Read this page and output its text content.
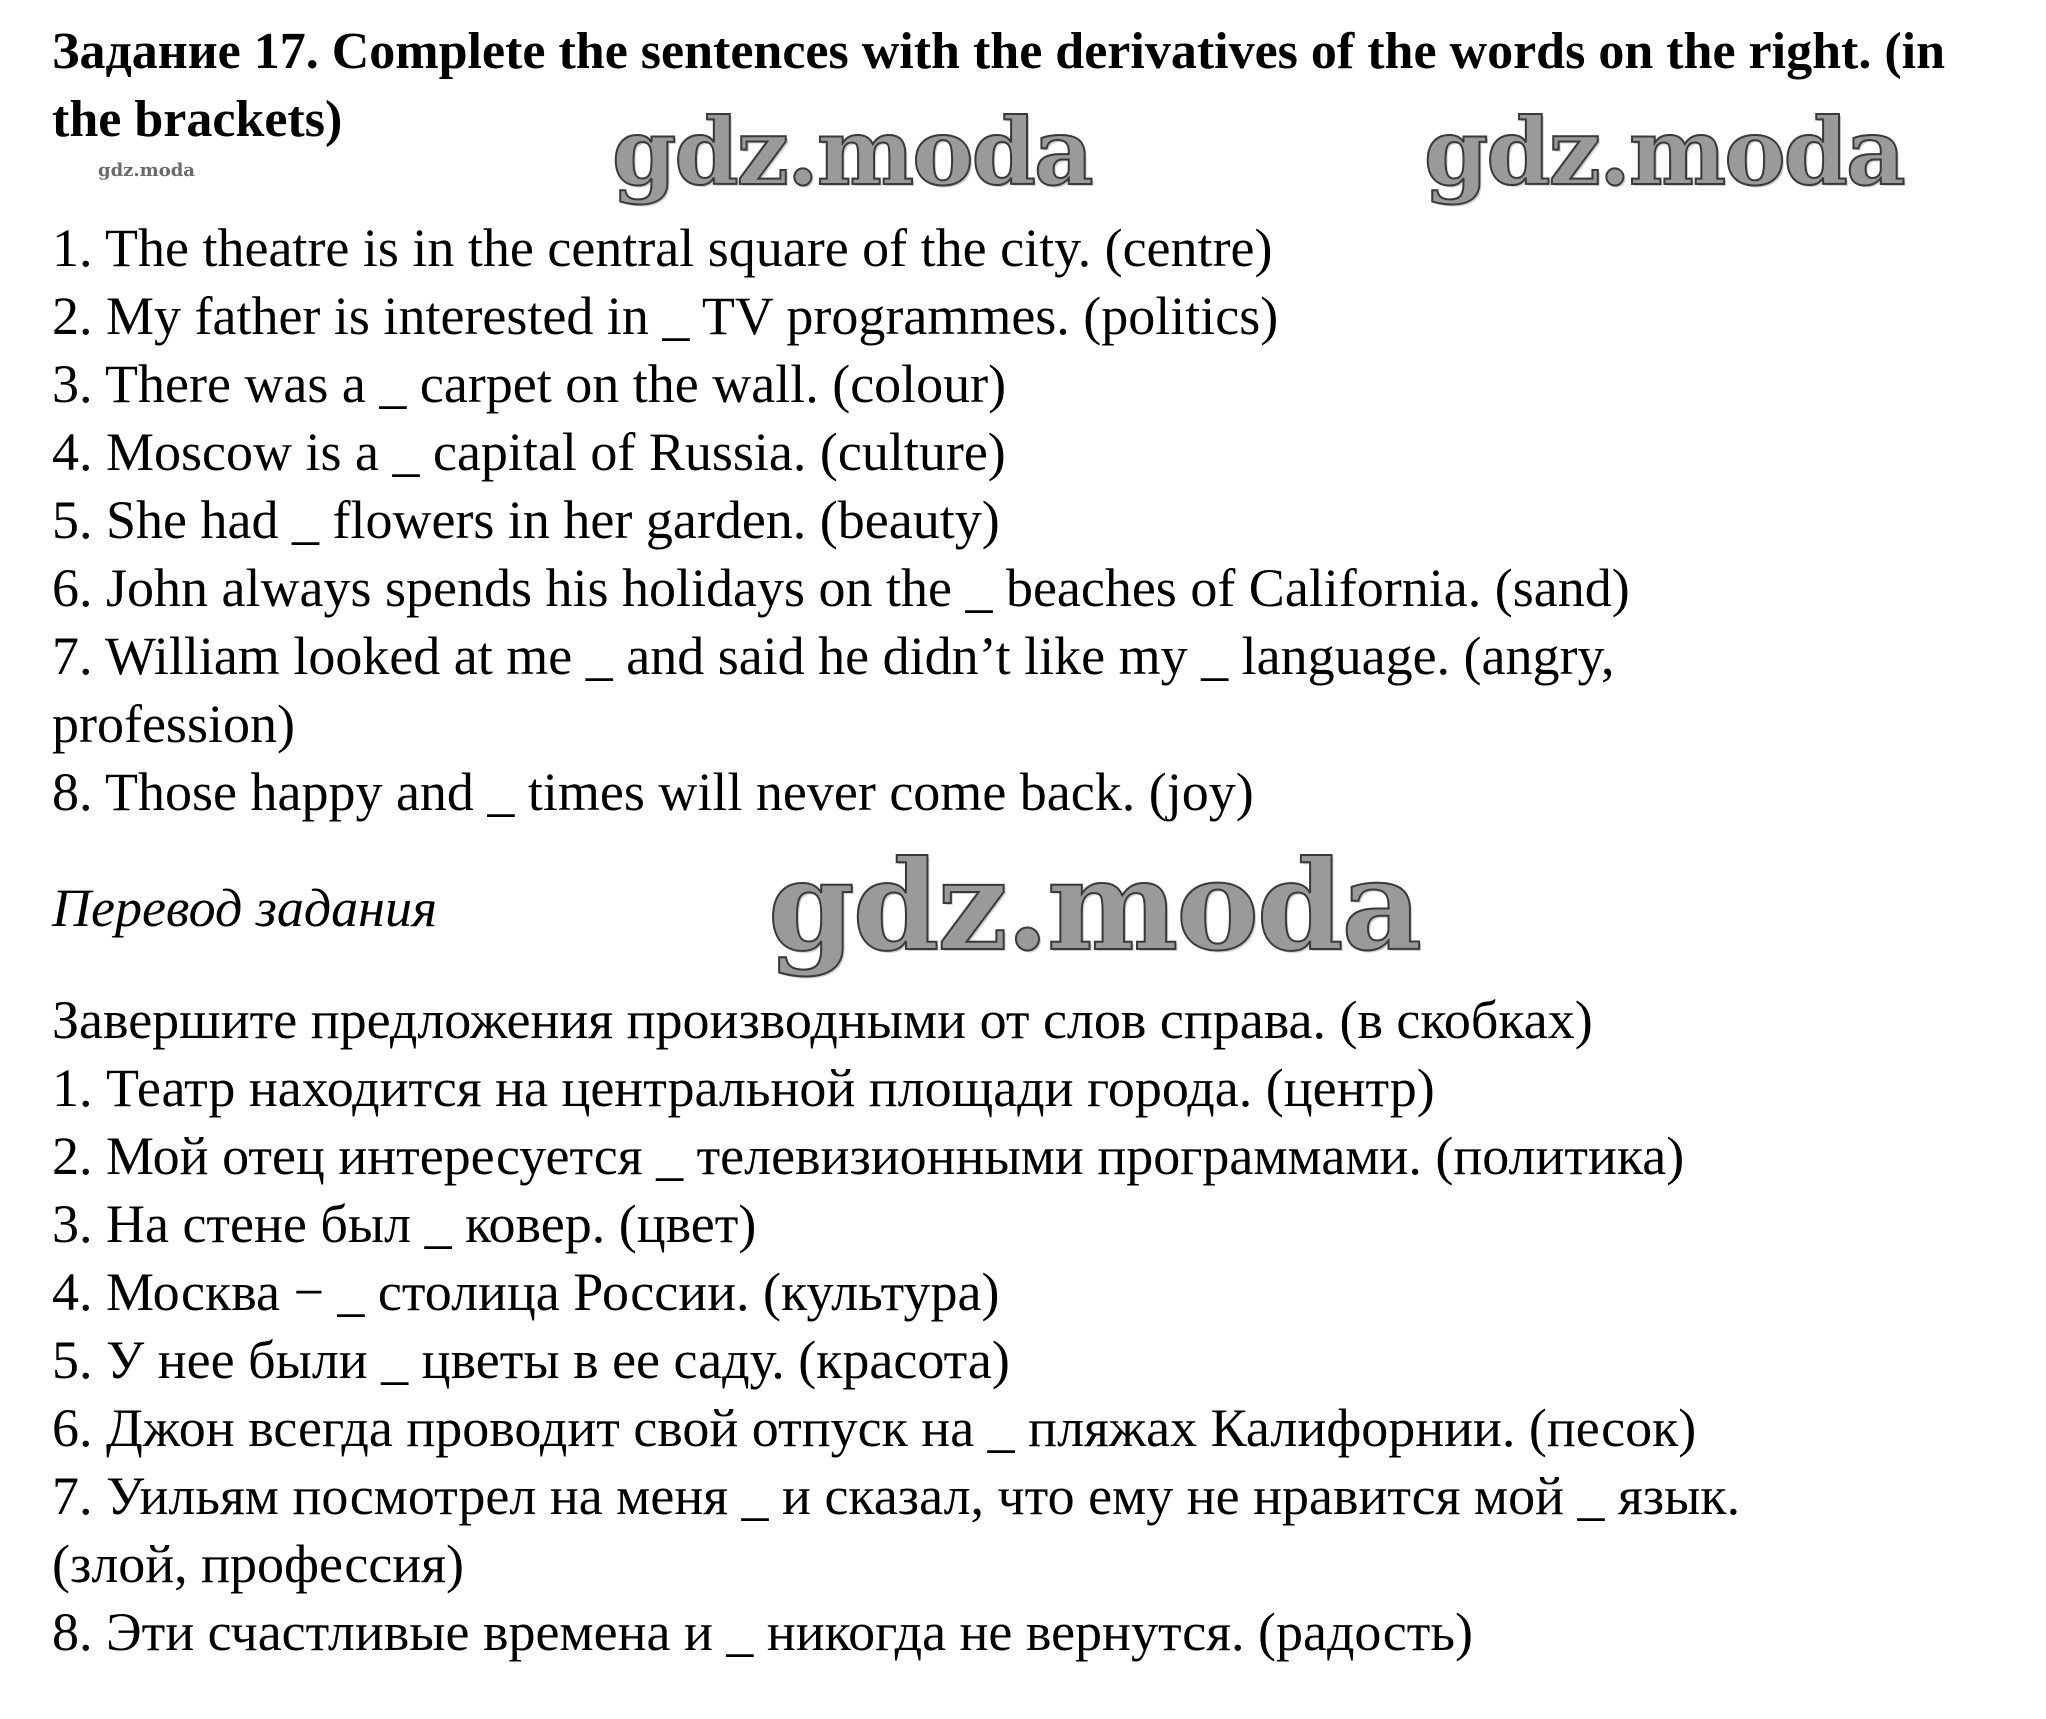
Задание 17. Complete the sentences with the derivatives of the words on the right. (in the brackets)
gdz.moda	gdz.moda	gdz.moda

1. The theatre is in the central square of the city. (centre)

2. My father is interested in _ TV programmes. (politics)

3. There was a _ carpet on the wall. (colour)

4. Moscow is a _ capital of Russia. (culture)

5. She had _ flowers in her garden. (beauty)

6. John always spends his holidays on the _ beaches of California. (sand)

7. William looked at me _ and said he didn’t like my _ language. (angry,

profession)

8. Those happy and _ times will never come back. (joy)

Перевод задания	gdz.moda

Завершите предложения производными от слов справа. (в скобках)

1. Театр находится на центральной площади города. (центр)

2. Мой отец интересуется _ телевизионными программами. (политика)

3. На стене был _ ковер. (цвет)

4. Москва − _ столица России. (культура)

5. У нее были _ цветы в ее саду. (красота)

6. Джон всегда проводит свой отпуск на _ пляжах Калифорнии. (песок)

7. Уильям посмотрел на меня _ и сказал, что ему не нравится мой _ язык.

(злой, профессия)

8. Эти счастливые времена и _ никогда не вернутся. (радость)
